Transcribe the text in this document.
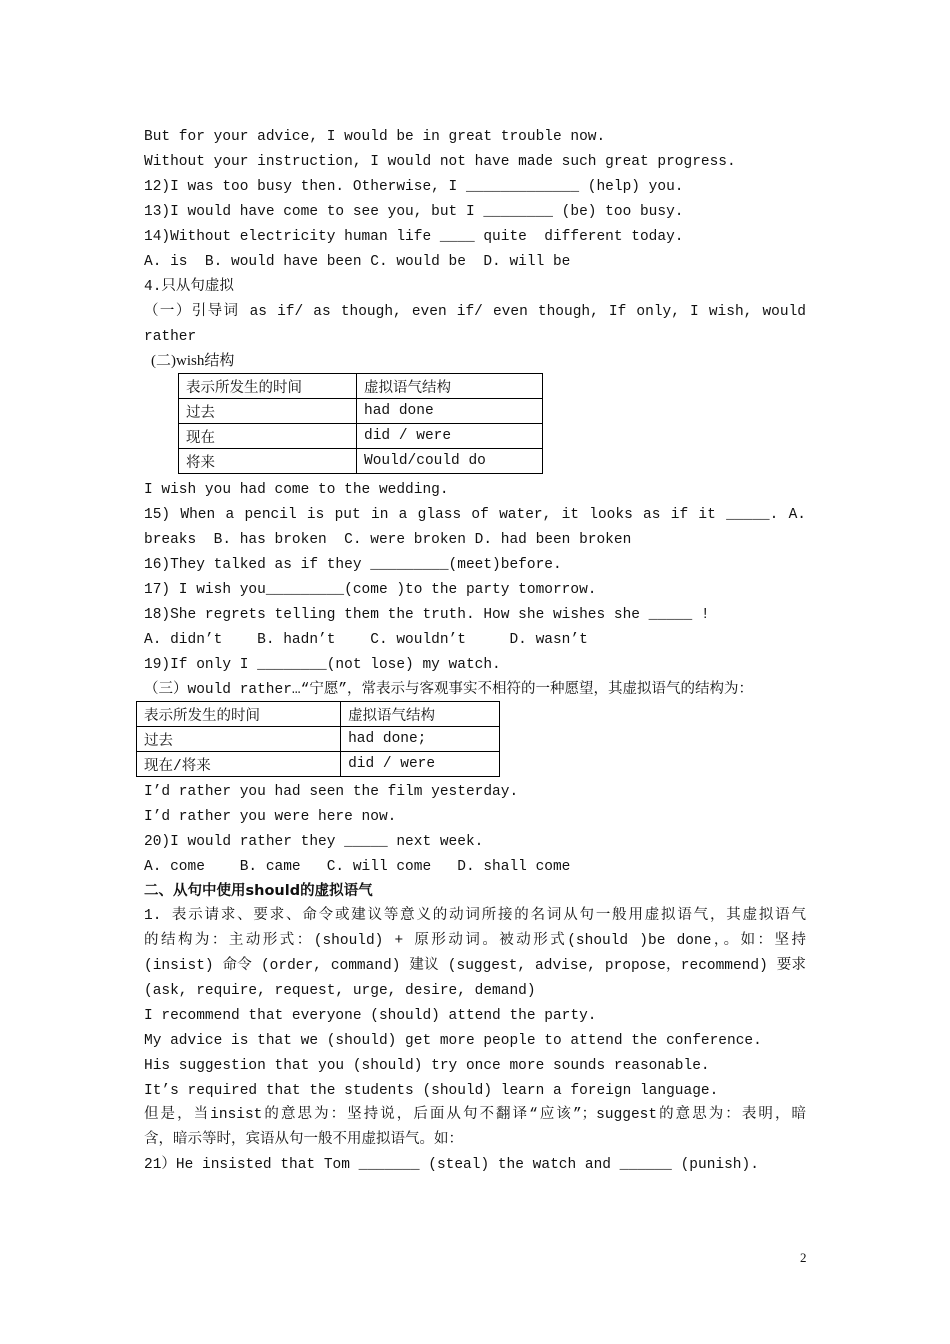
But for your advice, I would be in great trouble now.
Without your instruction, I would not have made such great progress.
12)I was too busy then. Otherwise, I _____________ (help) you.
13)I would have come to see you, but I ________ (be) too busy.
14)Without electricity human life ____ quite  different today.
A. is  B. would have been C. would be  D. will be
4.只从句虚拟
（一）引导词 as if/ as though, even if/ even though, If only, I wish, would
rather
(二)wish结构
表示所发生的时间	虚拟语气结构
过去	had done
现在	did / were
将来	Would/could do
I wish you had come to the wedding.
15) When a pencil is put in a glass of water, it looks as if it _____. A.
breaks  B. has broken  C. were broken D. had been broken
16)They talked as if they _________(meet)before.
17) I wish you_________(come )to the party tomorrow.
18)She regrets telling them the truth. How she wishes she _____ !
A. didn’t    B. hadn’t    C. wouldn’t     D. wasn’t
19)If only I ________(not lose) my watch.
（三）would rather…“宁愿”，常表示与客观事实不相符的一种愿望，其虚拟语气的结构为：
表示所发生的时间	虚拟语气结构
过去	had done;
现在/将来	did / were
I’d rather you had seen the film yesterday.
I’d rather you were here now.
20)I would rather they _____ next week.
A. come    B. came   C. will come   D. shall come
二、从句中使用should的虚拟语气
1. 表示请求、要求、命令或建议等意义的动词所接的名词从句一般用虚拟语气，其虚拟语气
的结构为：主动形式：(should) + 原形动词。被动形式(should )be done，。如：坚持
(insist) 命令 (order, command) 建议 (suggest, advise, propose，recommend) 要求
(ask, require, request, urge, desire, demand)
I recommend that everyone (should) attend the party.
My advice is that we (should) get more people to attend the conference.
His suggestion that you (should) try once more sounds reasonable.
It’s required that the students (should) learn a foreign language.
但是，当insist的意思为：坚持说，后面从句不翻译“应该”；suggest的意思为：表明，暗
含，暗示等时，宾语从句一般不用虚拟语气。如：
21）He insisted that Tom _______ (steal) the watch and ______ (punish).
2
